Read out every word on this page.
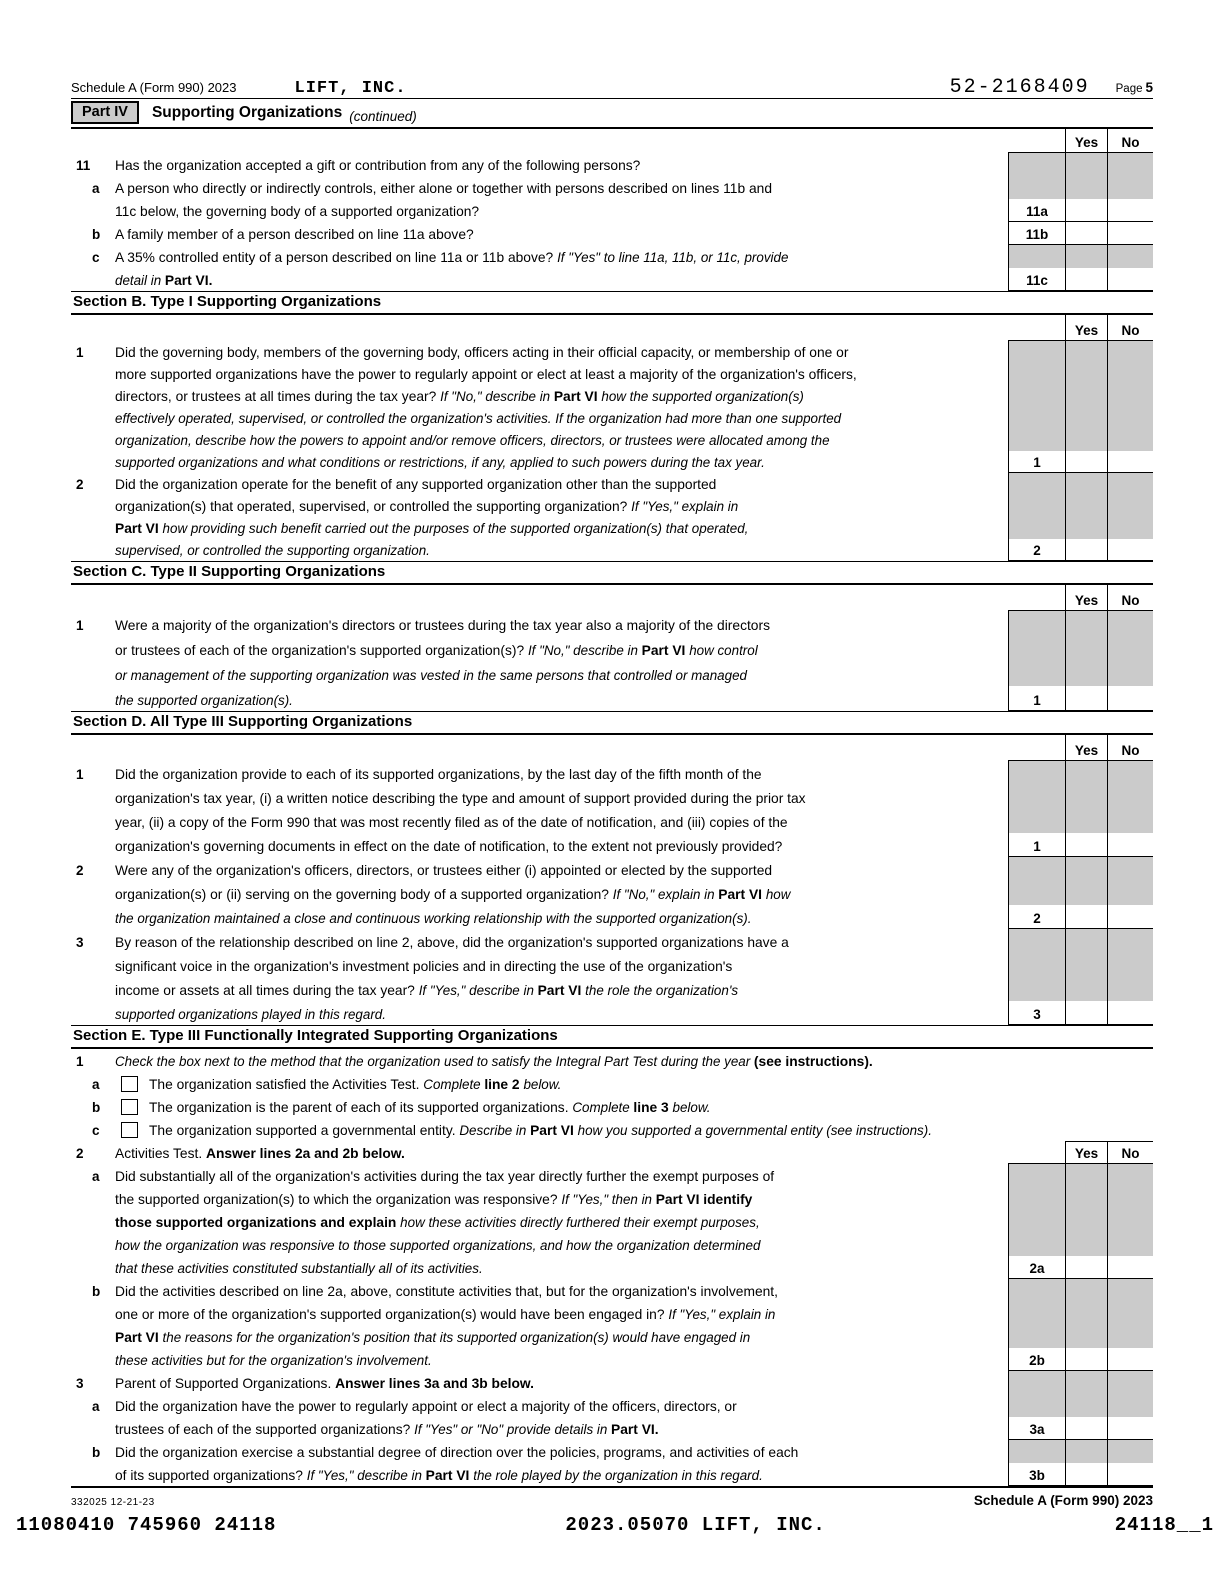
Schedule A (Form 990) 2023	LIFT, INC.	52-2168409 Page 5
Part IV	Supporting Organizations (continued)
Yes	No
11	Has the organization accepted a gift or contribution from any of the following persons?
a	A person who directly or indirectly controls, either alone or together with persons described on lines 11b and
11c below, the governing body of a supported organization?	11a
b	A family member of a person described on line 11a above?	11b
c	A 35% controlled entity of a person described on line 11a or 11b above? If "Yes" to line 11a, 11b, or 11c, provide
detail in Part VI.	11c
Section B. Type I Supporting Organizations
Yes	No
1	Did the governing body, members of the governing body, officers acting in their official capacity, or membership of one or
more supported organizations have the power to regularly appoint or elect at least a majority of the organization's officers,
directors, or trustees at all times during the tax year? If "No," describe in Part VI how the supported organization(s)
effectively operated, supervised, or controlled the organization's activities. If the organization had more than one supported
organization, describe how the powers to appoint and/or remove officers, directors, or trustees were allocated among the
supported organizations and what conditions or restrictions, if any, applied to such powers during the tax year.	1
2	Did the organization operate for the benefit of any supported organization other than the supported
organization(s) that operated, supervised, or controlled the supporting organization? If "Yes," explain in
Part VI how providing such benefit carried out the purposes of the supported organization(s) that operated,
supervised, or controlled the supporting organization.	2
Section C. Type II Supporting Organizations
Yes	No
1	Were a majority of the organization's directors or trustees during the tax year also a majority of the directors
or trustees of each of the organization's supported organization(s)? If "No," describe in Part VI how control
or management of the supporting organization was vested in the same persons that controlled or managed
the supported organization(s).	1
Section D. All Type III Supporting Organizations
Yes	No
1	Did the organization provide to each of its supported organizations, by the last day of the fifth month of the
organization's tax year, (i) a written notice describing the type and amount of support provided during the prior tax
year, (ii) a copy of the Form 990 that was most recently filed as of the date of notification, and (iii) copies of the
organization's governing documents in effect on the date of notification, to the extent not previously provided?	1
2	Were any of the organization's officers, directors, or trustees either (i) appointed or elected by the supported
organization(s) or (ii) serving on the governing body of a supported organization? If "No," explain in Part VI how
the organization maintained a close and continuous working relationship with the supported organization(s).	2
3	By reason of the relationship described on line 2, above, did the organization's supported organizations have a
significant voice in the organization's investment policies and in directing the use of the organization's
income or assets at all times during the tax year? If "Yes," describe in Part VI the role the organization's
supported organizations played in this regard.	3
Section E. Type III Functionally Integrated Supporting Organizations
1	Check the box next to the method that the organization used to satisfy the Integral Part Test during the year (see instructions).
a	The organization satisfied the Activities Test. Complete line 2 below.
b	The organization is the parent of each of its supported organizations. Complete line 3 below.
c	The organization supported a governmental entity. Describe in Part VI how you supported a governmental entity (see instructions).
2	Activities Test. Answer lines 2a and 2b below.	Yes	No
a	Did substantially all of the organization's activities during the tax year directly further the exempt purposes of
the supported organization(s) to which the organization was responsive? If "Yes," then in Part VI identify
those supported organizations and explain how these activities directly furthered their exempt purposes,
how the organization was responsive to those supported organizations, and how the organization determined
that these activities constituted substantially all of its activities.	2a
b	Did the activities described on line 2a, above, constitute activities that, but for the organization's involvement,
one or more of the organization's supported organization(s) would have been engaged in? If "Yes," explain in
Part VI the reasons for the organization's position that its supported organization(s) would have engaged in
these activities but for the organization's involvement.	2b
3	Parent of Supported Organizations. Answer lines 3a and 3b below.
a	Did the organization have the power to regularly appoint or elect a majority of the officers, directors, or
trustees of each of the supported organizations? If "Yes" or "No" provide details in Part VI.	3a
b	Did the organization exercise a substantial degree of direction over the policies, programs, and activities of each
of its supported organizations? If "Yes," describe in Part VI the role played by the organization in this regard.	3b
332025 12-21-23	Schedule A (Form 990) 2023
11080410 745960 24118	2023.05070 LIFT, INC.	24118__1
